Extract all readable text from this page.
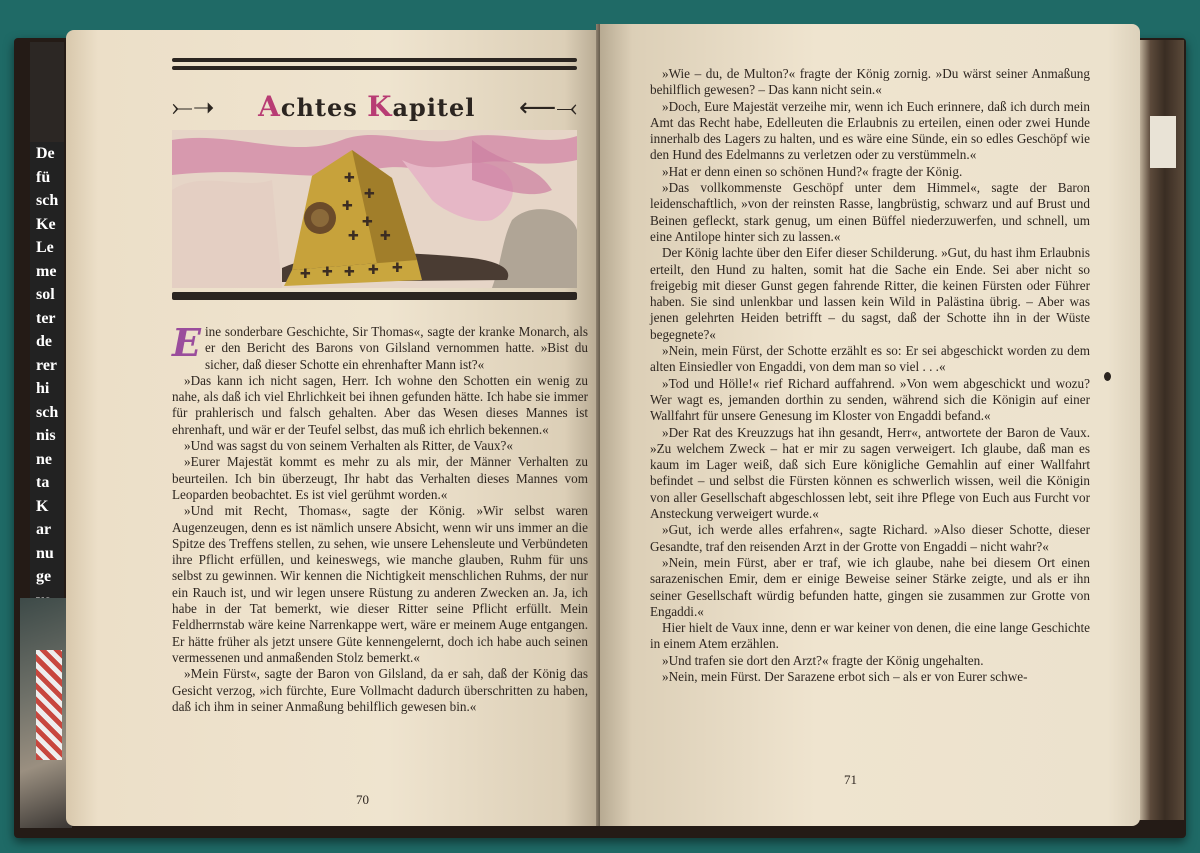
De
fü
sch
Ke
Le
me
sol
ter
de
rer
hi
sch
nis
ne
ta
K
ar
nu
ge
⤚➝ Achtes Kapitel ⟵⤙
✚
✚
✚
✚
✚
✚
✚ ✚ ✚ ✚ ✚

Eine sonderbare Geschichte, Sir Thomas«, sagte der kranke Monarch, als er den Bericht des Barons von Gilsland vernommen hatte. »Bist du sicher, daß dieser Schotte ein ehrenhafter Mann ist?«

»Das kann ich nicht sagen, Herr. Ich wohne den Schotten ein wenig zu nahe, als daß ich viel Ehrlichkeit bei ihnen gefunden hätte. Ich habe sie immer für prahlerisch und falsch gehalten. Aber das Wesen dieses Mannes ist ehrenhaft, und wär er der Teufel selbst, das muß ich ehrlich bekennen.«

»Und was sagst du von seinem Verhalten als Ritter, de Vaux?«

»Eurer Majestät kommt es mehr zu als mir, der Männer Verhalten zu beurteilen. Ich bin überzeugt, Ihr habt das Verhalten dieses Mannes vom Leoparden beobachtet. Es ist viel gerühmt worden.«

»Und mit Recht, Thomas«, sagte der König. »Wir selbst waren Augenzeugen, denn es ist nämlich unsere Absicht, wenn wir uns immer an die Spitze des Treffens stellen, zu sehen, wie unsere Lehensleute und Verbündeten ihre Pflicht erfüllen, und keineswegs, wie manche glauben, Ruhm für uns selbst zu gewinnen. Wir kennen die Nichtigkeit menschlichen Ruhms, der nur ein Rauch ist, und wir legen unsere Rüstung zu anderen Zwecken an. Ja, ich habe in der Tat bemerkt, wie dieser Ritter seine Pflicht erfüllt. Mein Feldherrnstab wäre keine Narrenkappe wert, wäre er meinem Auge entgangen. Er hätte früher als jetzt unsere Güte kennengelernt, doch ich habe auch seinen vermessenen und anmaßenden Stolz bemerkt.«

»Mein Fürst«, sagte der Baron von Gilsland, da er sah, daß der König das Gesicht verzog, »ich fürchte, Eure Vollmacht dadurch überschritten zu haben, daß ich ihm in seiner Anmaßung behilflich gewesen bin.«

70

»Wie – du, de Multon?« fragte der König zornig. »Du wärst seiner Anmaßung behilflich gewesen? – Das kann nicht sein.«

»Doch, Eure Majestät verzeihe mir, wenn ich Euch erinnere, daß ich durch mein Amt das Recht habe, Edelleuten die Erlaubnis zu erteilen, einen oder zwei Hunde innerhalb des Lagers zu halten, und es wäre eine Sünde, ein so edles Geschöpf wie den Hund des Edelmanns zu verletzen oder zu verstümmeln.«

»Hat er denn einen so schönen Hund?« fragte der König.

»Das vollkommenste Geschöpf unter dem Himmel«, sagte der Baron leidenschaftlich, »von der reinsten Rasse, langbrüstig, schwarz und auf Brust und Beinen gefleckt, stark genug, um einen Büffel niederzuwerfen, und schnell, um eine Antilope hinter sich zu lassen.«

Der König lachte über den Eifer dieser Schilderung. »Gut, du hast ihm Erlaubnis erteilt, den Hund zu halten, somit hat die Sache ein Ende. Sei aber nicht so freigebig mit dieser Gunst gegen fahrende Ritter, die keinen Fürsten oder Führer haben. Sie sind unlenkbar und lassen kein Wild in Palästina übrig. – Aber was jenen gelehrten Heiden betrifft – du sagst, daß der Schotte ihn in der Wüste begegnete?«

»Nein, mein Fürst, der Schotte erzählt es so: Er sei abgeschickt worden zu dem alten Einsiedler von Engaddi, von dem man so viel . . .«

»Tod und Hölle!« rief Richard auffahrend. »Von wem abgeschickt und wozu? Wer wagt es, jemanden dorthin zu senden, während sich die Königin auf einer Wallfahrt für unsere Genesung im Kloster von Engaddi befand.«

»Der Rat des Kreuzzugs hat ihn gesandt, Herr«, antwortete der Baron de Vaux. »Zu welchem Zweck – hat er mir zu sagen verweigert. Ich glaube, daß man es kaum im Lager weiß, daß sich Eure königliche Gemahlin auf einer Wallfahrt befindet – und selbst die Fürsten können es schwerlich wissen, weil die Königin von aller Gesellschaft abgeschlossen lebt, seit ihre Pflege von Euch aus Furcht vor Ansteckung verweigert wurde.«

»Gut, ich werde alles erfahren«, sagte Richard. »Also dieser Schotte, dieser Gesandte, traf den reisenden Arzt in der Grotte von Engaddi – nicht wahr?«

»Nein, mein Fürst, aber er traf, wie ich glaube, nahe bei diesem Ort einen sarazenischen Emir, dem er einige Beweise seiner Stärke zeigte, und als er ihn seiner Gesellschaft würdig befunden hatte, gingen sie zusammen zur Grotte von Engaddi.«

Hier hielt de Vaux inne, denn er war keiner von denen, die eine lange Geschichte in einem Atem erzählen.

»Und trafen sie dort den Arzt?« fragte der König ungehalten.

»Nein, mein Fürst. Der Sarazene erbot sich – als er von Eurer schwe-

71
